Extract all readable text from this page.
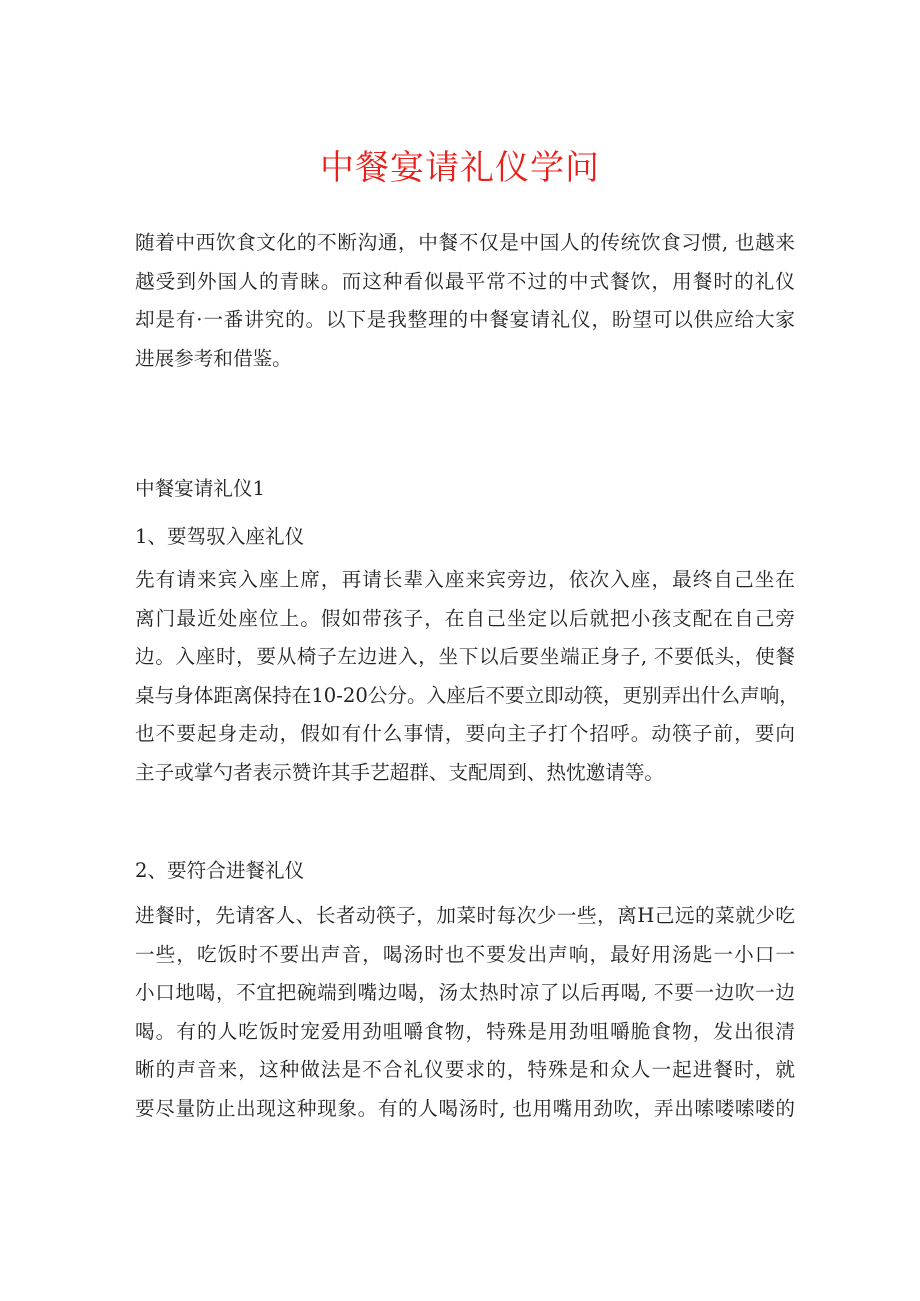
中餐宴请礼仪学问
随着中西饮食文化的不断沟通，中餐不仅是中国人的传统饮食习惯, 也越来
越受到外国人的青睐。而这种看似最平常不过的中式餐饮，用餐时的礼仪
却是有·一番讲究的。以下是我整理的中餐宴请礼仪，盼望可以供应给大家
进展参考和借鉴。
中餐宴请礼仪1
1、要驾驭入座礼仪
先有请来宾入座上席，再请长辈入座来宾旁边，依次入座，最终自己坐在
离门最近处座位上。假如带孩子，在自己坐定以后就把小孩支配在自己旁
边。入座时，要从椅子左边进入，坐下以后要坐端正身子, 不要低头，使餐
桌与身体距离保持在10-20公分。入座后不要立即动筷，更别弄出什么声响，
也不要起身走动，假如有什么事情，要向主子打个招呼。动筷子前，要向
主子或掌勺者表示赞许其手艺超群、支配周到、热忱邀请等。
2、要符合进餐礼仪
进餐时，先请客人、长者动筷子，加菜时每次少一些，离H己远的菜就少吃
一些，吃饭时不要出声音，喝汤时也不要发出声响，最好用汤匙一小口一
小口地喝，不宜把碗端到嘴边喝，汤太热时凉了以后再喝, 不要一边吹一边
喝。有的人吃饭时宠爱用劲咀嚼食物，特殊是用劲咀嚼脆食物，发出很清
晰的声音来，这种做法是不合礼仪要求的，特殊是和众人一起进餐时，就
要尽量防止出现这种现象。有的人喝汤时, 也用嘴用劲吹，弄出嗦喽嗦喽的
